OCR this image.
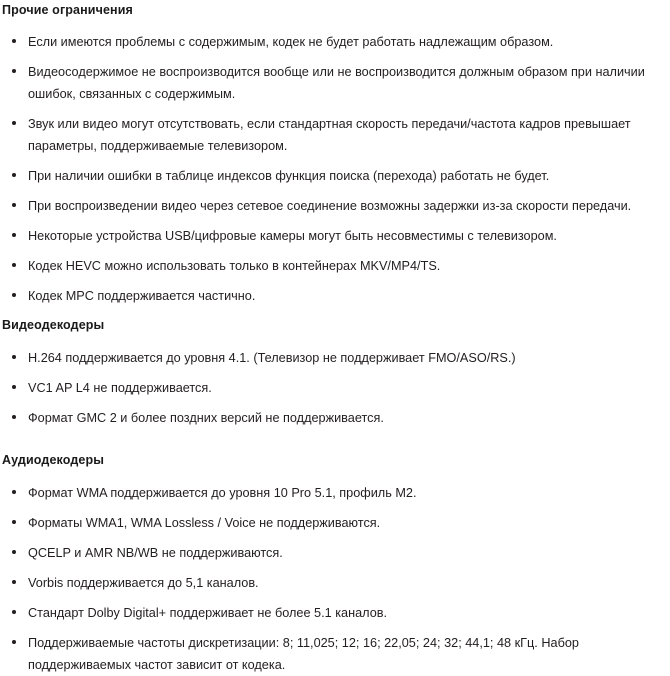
Прочие ограничения
Если имеются проблемы с содержимым, кодек не будет работать надлежащим образом.
Видеосодержимое не воспроизводится вообще или не воспроизводится должным образом при наличии ошибок, связанных с содержимым.
Звук или видео могут отсутствовать, если стандартная скорость передачи/частота кадров превышает параметры, поддерживаемые телевизором.
При наличии ошибки в таблице индексов функция поиска (перехода) работать не будет.
При воспроизведении видео через сетевое соединение возможны задержки из-за скорости передачи.
Некоторые устройства USB/цифровые камеры могут быть несовместимы с телевизором.
Кодек HEVC можно использовать только в контейнерах MKV/MP4/TS.
Кодек MPC поддерживается частично.
Видеодекодеры
H.264 поддерживается до уровня 4.1. (Телевизор не поддерживает FMO/ASO/RS.)
VC1 AP L4 не поддерживается.
Формат GMC 2 и более поздних версий не поддерживается.
Аудиодекодеры
Формат WMA поддерживается до уровня 10 Pro 5.1, профиль M2.
Форматы WMA1, WMA Lossless / Voice не поддерживаются.
QCELP и AMR NB/WB не поддерживаются.
Vorbis поддерживается до 5,1 каналов.
Стандарт Dolby Digital+ поддерживает не более 5.1 каналов.
Поддерживаемые частоты дискретизации: 8; 11,025; 12; 16; 22,05; 24; 32; 44,1; 48 кГц. Набор поддерживаемых частот зависит от кодека.
